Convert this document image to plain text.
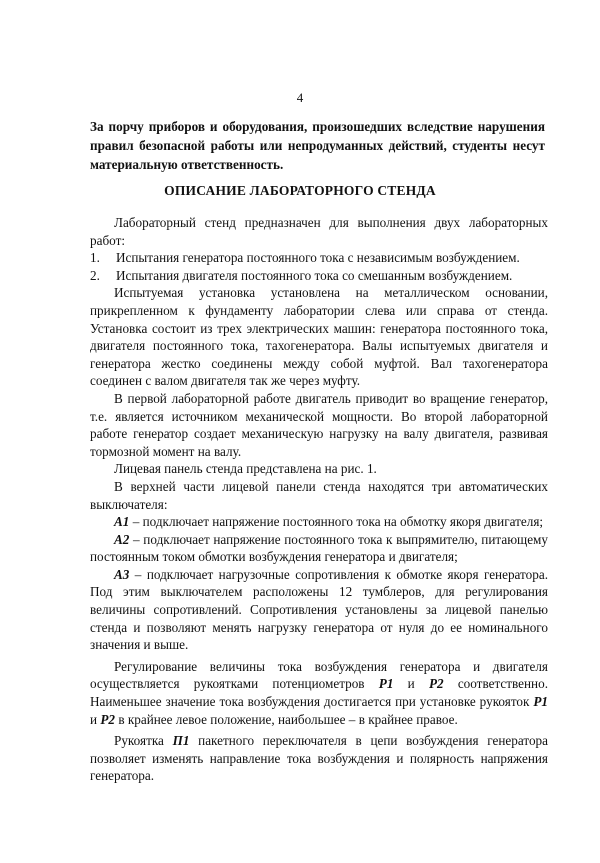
4
За порчу приборов и оборудования, произошедших вследствие нарушения правил безопасной работы или непродуманных действий, студенты несут материальную ответственность.
ОПИСАНИЕ ЛАБОРАТОРНОГО СТЕНДА

Лабораторный стенд предназначен для выполнения двух лабораторных работ:

1.	Испытания генератора постоянного тока с независимым возбуждением.
2.	Испытания двигателя постоянного тока со смешанным возбуждением.

Испытуемая установка установлена на металлическом основании, прикрепленном к фундаменту лаборатории слева или справа от стенда. Установка состоит из трех электрических машин: генератора постоянного тока, двигателя постоянного тока, тахогенератора. Валы испытуемых двигателя и генератора жестко соединены между собой муфтой. Вал тахогенератора соединен с валом двигателя так же через муфту.

В первой лабораторной работе двигатель приводит во вращение генератор, т.е. является источником механической мощности. Во второй лабораторной работе генератор создает механическую нагрузку на валу двигателя, развивая тормозной момент на валу.

Лицевая панель стенда представлена на рис. 1.

В верхней части лицевой панели стенда находятся три автоматических выключателя:

А1 – подключает напряжение постоянного тока на обмотку якоря двигателя;

А2 – подключает напряжение постоянного тока к выпрямителю, питающему постоянным током обмотки возбуждения генератора и двигателя;

А3 – подключает нагрузочные сопротивления к обмотке якоря генератора. Под этим выключателем расположены 12 тумблеров, для регулирования величины сопротивлений. Сопротивления установлены за лицевой панелью стенда и позволяют менять нагрузку генератора от нуля до ее номинального значения и выше.

Регулирование величины тока возбуждения генератора и двигателя осуществляется рукоятками потенциометров Р1 и Р2 соответственно. Наименьшее значение тока возбуждения достигается при установке рукояток Р1 и Р2 в крайнее левое положение, наибольшее – в крайнее правое.

Рукоятка П1 пакетного переключателя в цепи возбуждения генератора позволяет изменять направление тока возбуждения и полярность напряжения генератора.
